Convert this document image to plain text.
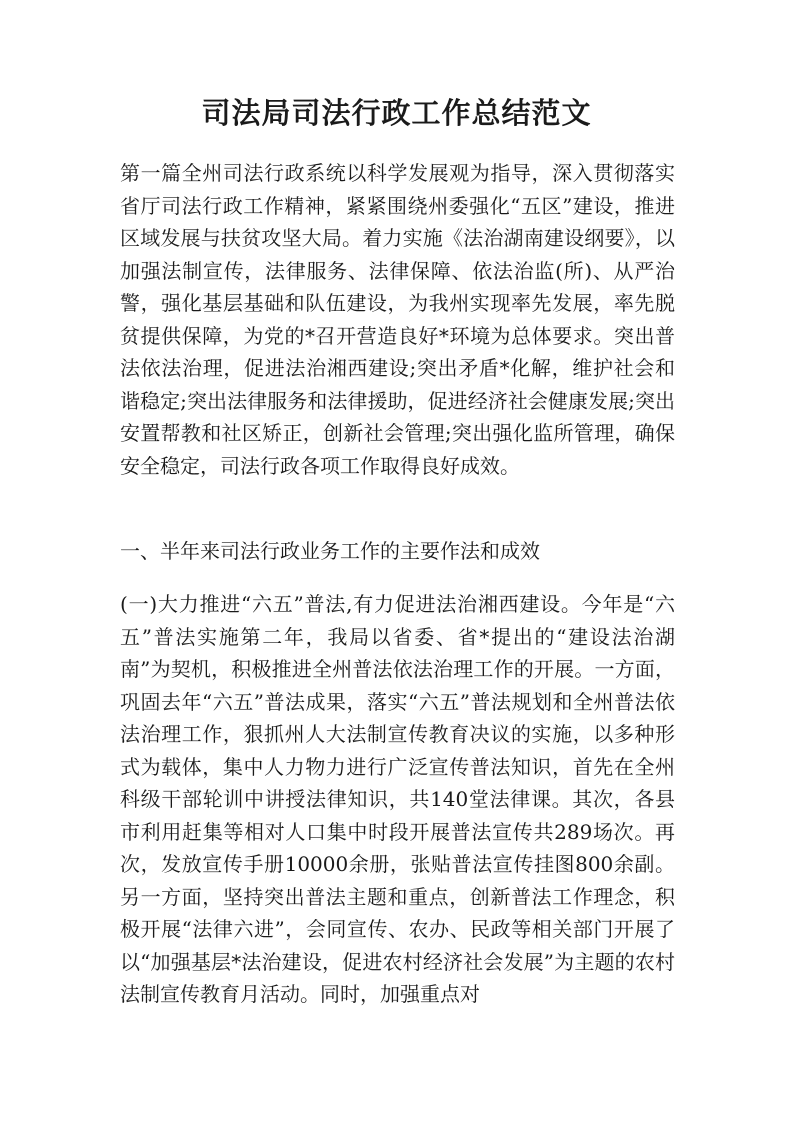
司法局司法行政工作总结范文

第一篇全州司法行政系统以科学发展观为指导，深入贯彻落实省厅司法行政工作精神，紧紧围绕州委强化“五区”建设，推进区域发展与扶贫攻坚大局。着力实施《法治湖南建设纲要》，以加强法制宣传，法律服务、法律保障、依法治监(所)、从严治警，强化基层基础和队伍建设，为我州实现率先发展，率先脱贫提供保障，为党的*召开营造良好*环境为总体要求。突出普法依法治理，促进法治湘西建设;突出矛盾*化解，维护社会和谐稳定;突出法律服务和法律援助，促进经济社会健康发展;突出安置帮教和社区矫正，创新社会管理;突出强化监所管理，确保安全稳定，司法行政各项工作取得良好成效。

一、半年来司法行政业务工作的主要作法和成效

(一)大力推进“六五”普法,有力促进法治湘西建设。今年是“六五”普法实施第二年，我局以省委、省*提出的“建设法治湖南”为契机，积极推进全州普法依法治理工作的开展。一方面，巩固去年“六五”普法成果，落实“六五”普法规划和全州普法依法治理工作，狠抓州人大法制宣传教育决议的实施，以多种形式为载体，集中人力物力进行广泛宣传普法知识，首先在全州科级干部轮训中讲授法律知识，共140堂法律课。其次，各县市利用赶集等相对人口集中时段开展普法宣传共289场次。再次，发放宣传手册10000余册，张贴普法宣传挂图800余副。另一方面，坚持突出普法主题和重点，创新普法工作理念，积极开展“法律六进”，会同宣传、农办、民政等相关部门开展了以“加强基层*法治建设，促进农村经济社会发展”为主题的农村法制宣传教育月活动。同时，加强重点对
